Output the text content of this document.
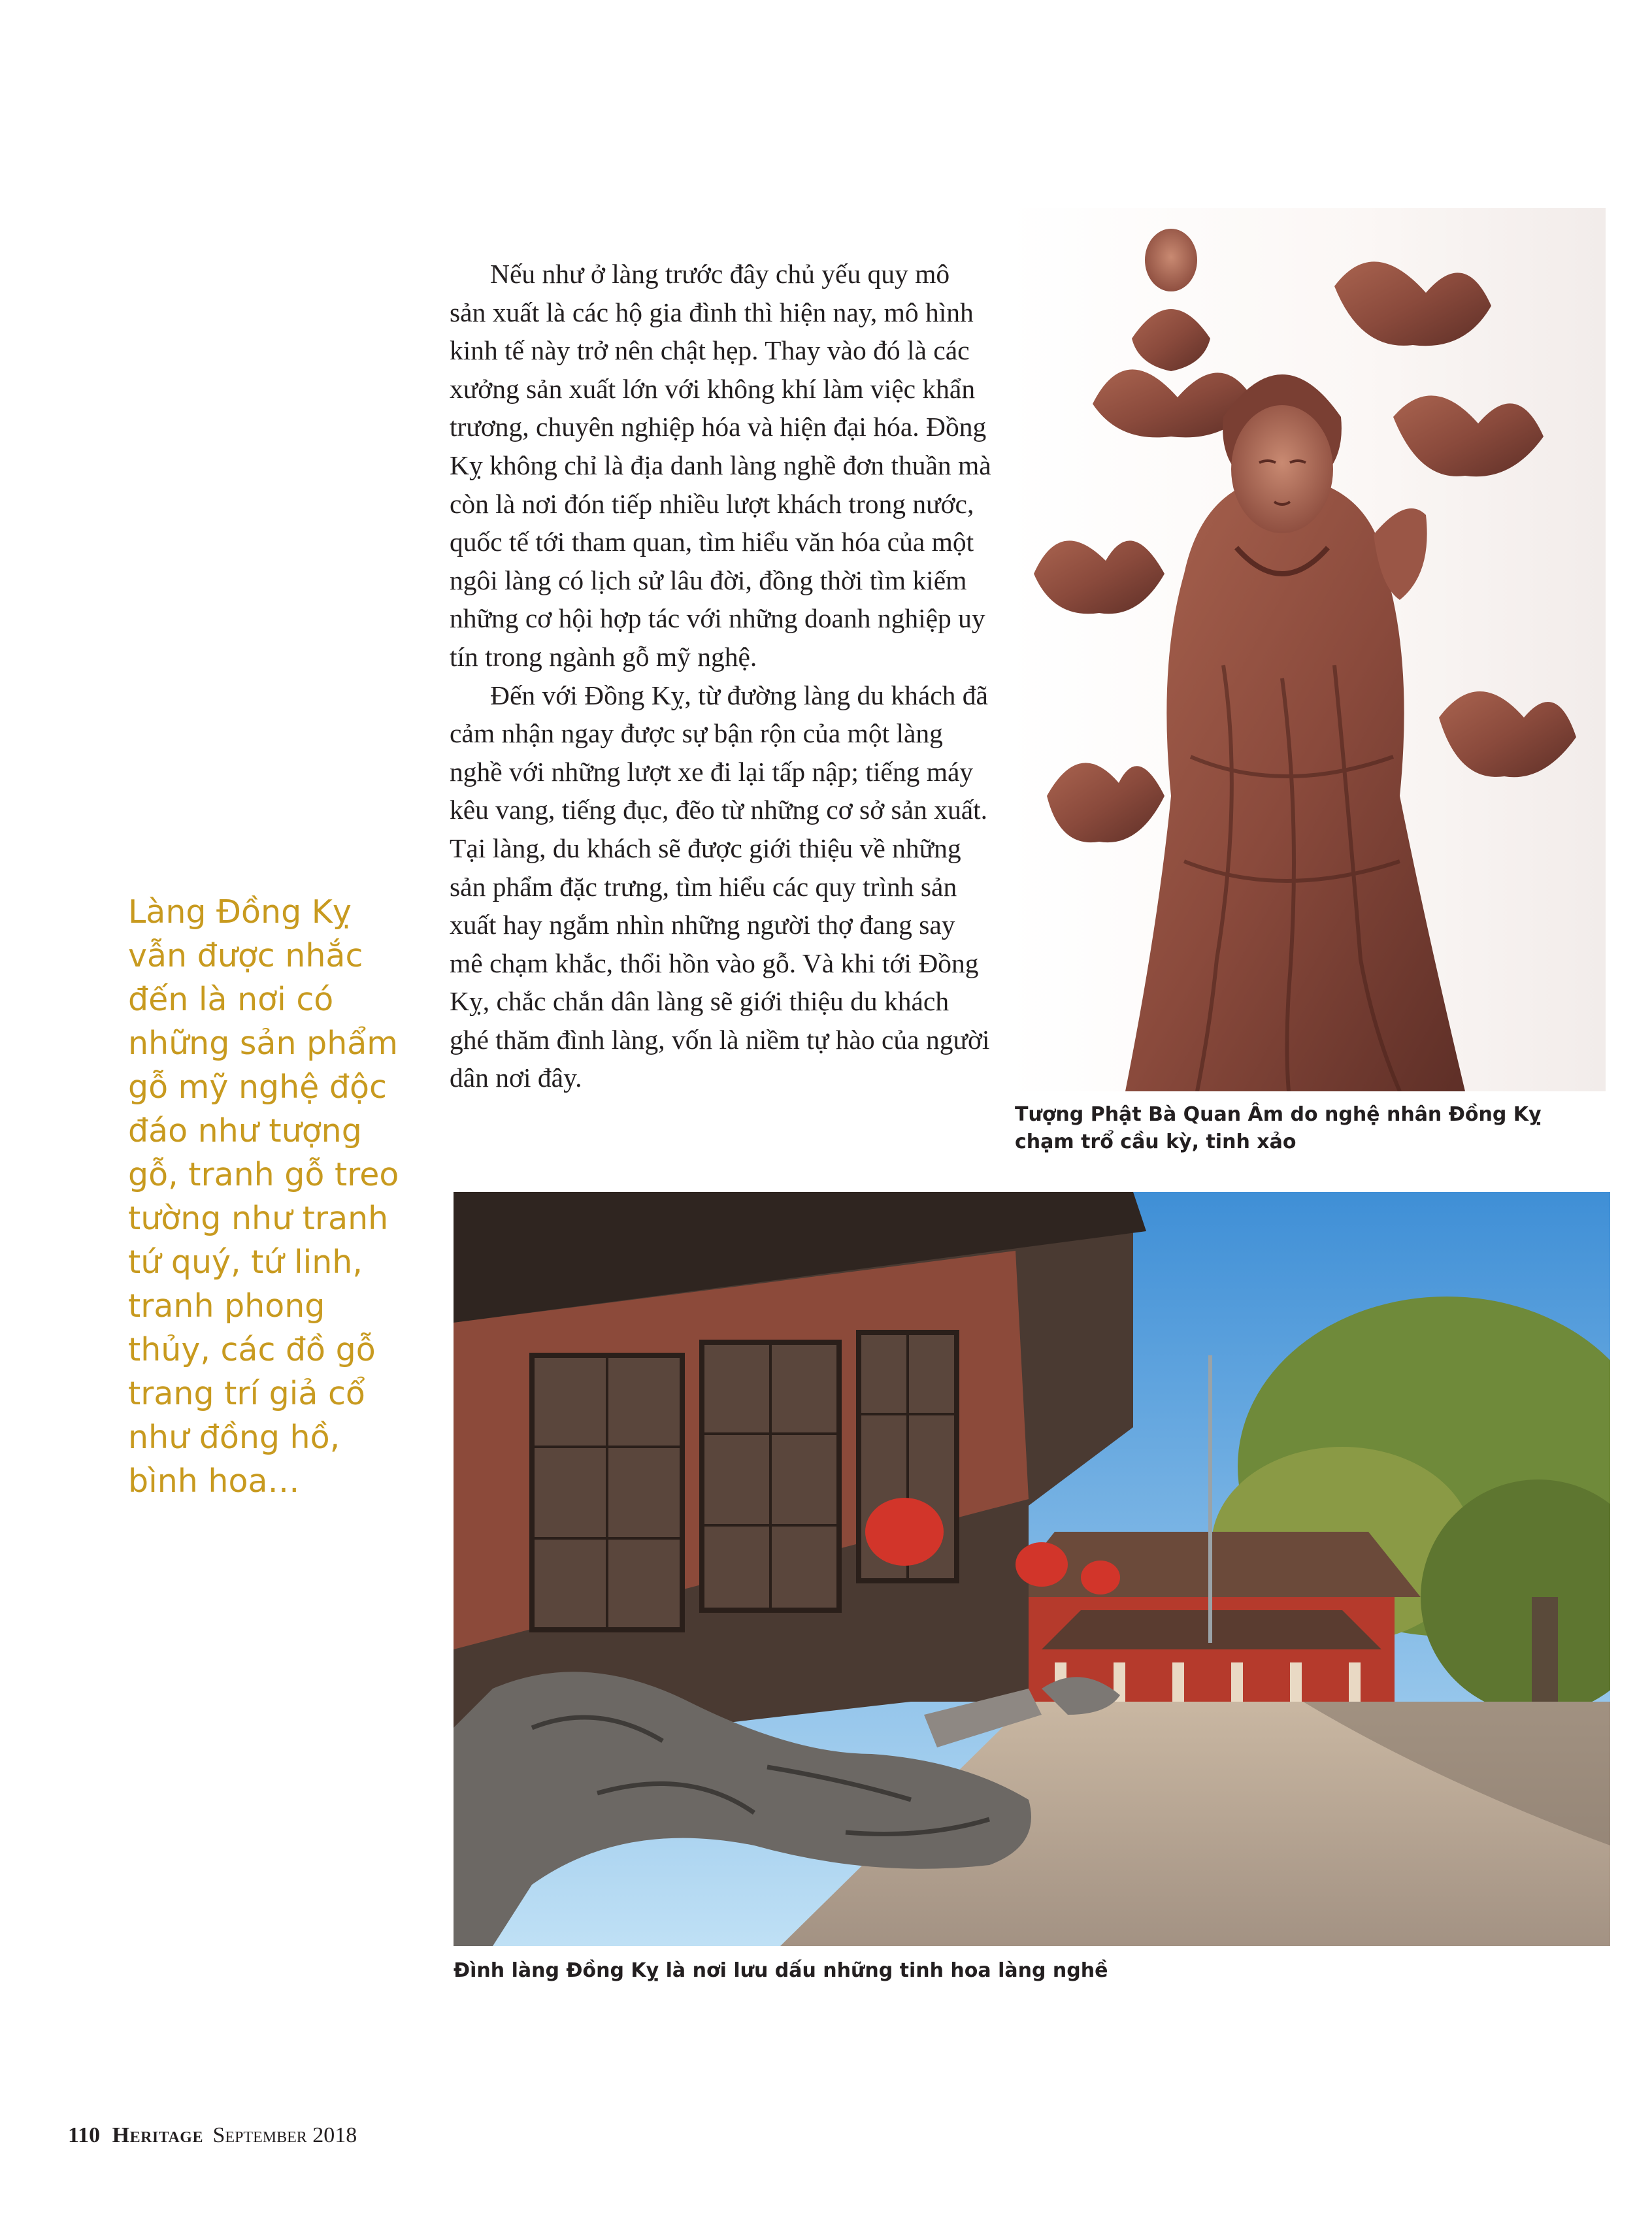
Nếu như ở làng trước đây chủ yếu quy mô sản xuất là các hộ gia đình thì hiện nay, mô hình kinh tế này trở nên chật hẹp. Thay vào đó là các xưởng sản xuất lớn với không khí làm việc khẩn trương, chuyên nghiệp hóa và hiện đại hóa. Đồng Kỵ không chỉ là địa danh làng nghề đơn thuần mà còn là nơi đón tiếp nhiều lượt khách trong nước, quốc tế tới tham quan, tìm hiểu văn hóa của một ngôi làng có lịch sử lâu đời, đồng thời tìm kiếm những cơ hội hợp tác với những doanh nghiệp uy tín trong ngành gỗ mỹ nghệ.

Đến với Đồng Kỵ, từ đường làng du khách đã cảm nhận ngay được sự bận rộn của một làng nghề với những lượt xe đi lại tấp nập; tiếng máy kêu vang, tiếng đục, đẽo từ những cơ sở sản xuất. Tại làng, du khách sẽ được giới thiệu về những sản phẩm đặc trưng, tìm hiểu các quy trình sản xuất hay ngắm nhìn những người thợ đang say mê chạm khắc, thổi hồn vào gỗ. Và khi tới Đồng Kỵ, chắc chắn dân làng sẽ giới thiệu du khách ghé thăm đình làng, vốn là niềm tự hào của người dân nơi đây.

Làng Đồng Kỵ vẫn được nhắc đến là nơi có những sản phẩm gỗ mỹ nghệ độc đáo như tượng gỗ, tranh gỗ treo tường như tranh tứ quý, tứ linh, tranh phong thủy, các đồ gỗ trang trí giả cổ như đồng hồ, bình hoa…
Tượng Phật Bà Quan Âm do nghệ nhân Đồng Kỵ
chạm trổ cầu kỳ, tinh xảo
Đình làng Đồng Kỵ là nơi lưu dấu những tinh hoa làng nghề
110 Heritage September 2018
